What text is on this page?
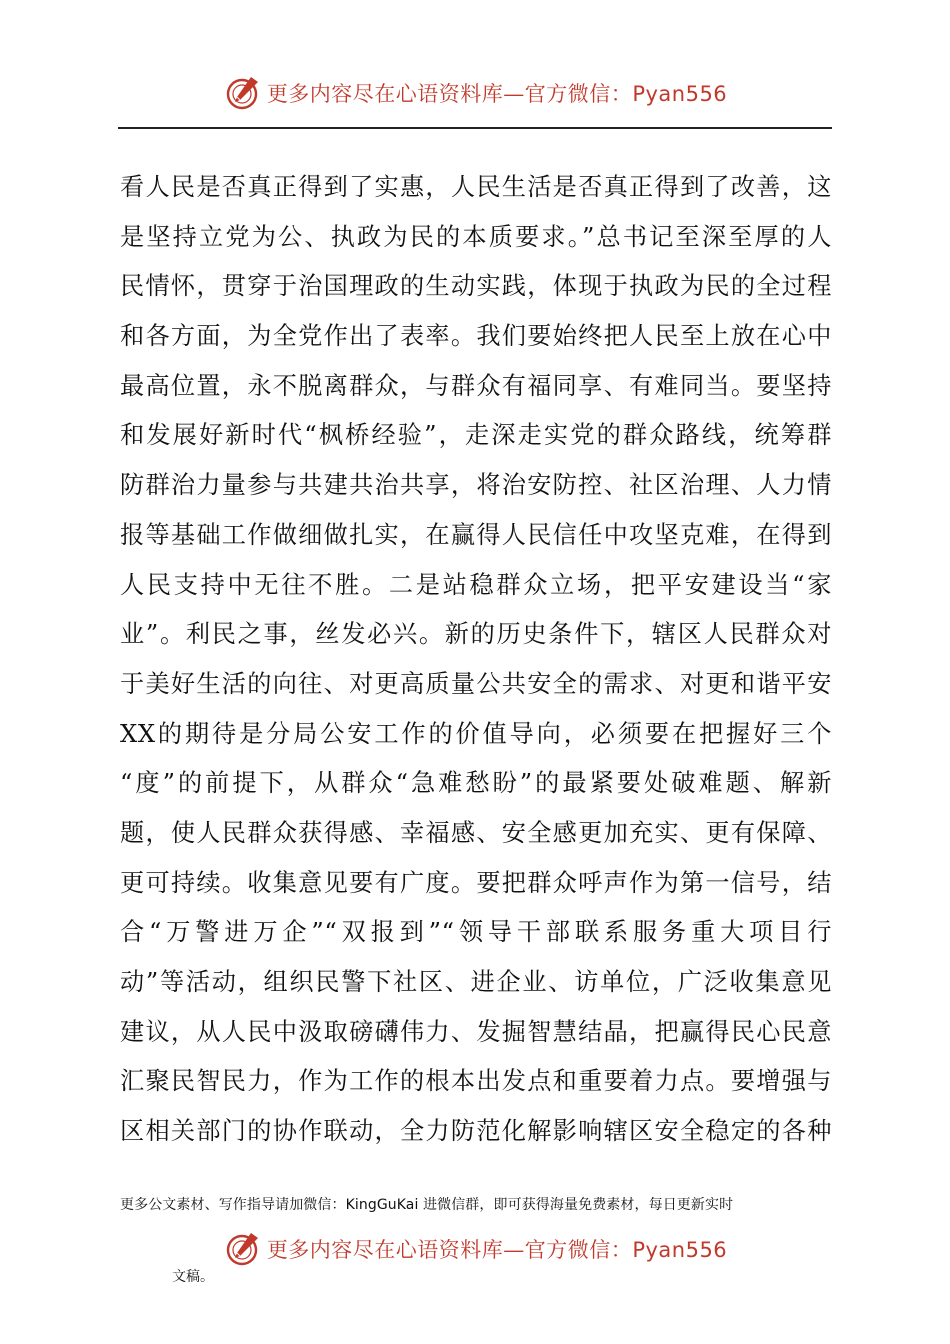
更多内容尽在心语资料库—官方微信：Pyan556
看人民是否真正得到了实惠，人民生活是否真正得到了改善，这
是坚持立党为公、执政为民的本质要求。”总书记至深至厚的人
民情怀，贯穿于治国理政的生动实践，体现于执政为民的全过程
和各方面，为全党作出了表率。我们要始终把人民至上放在心中
最高位置，永不脱离群众，与群众有福同享、有难同当。要坚持
和发展好新时代“枫桥经验”，走深走实党的群众路线，统筹群
防群治力量参与共建共治共享，将治安防控、社区治理、人力情
报等基础工作做细做扎实，在赢得人民信任中攻坚克难，在得到
人民支持中无往不胜。二是站稳群众立场，把平安建设当“家
业”。利民之事，丝发必兴。新的历史条件下，辖区人民群众对
于美好生活的向往、对更高质量公共安全的需求、对更和谐平安
XX的期待是分局公安工作的价值导向，必须要在把握好三个
“度”的前提下，从群众“急难愁盼”的最紧要处破难题、解新
题，使人民群众获得感、幸福感、安全感更加充实、更有保障、
更可持续。收集意见要有广度。要把群众呼声作为第一信号，结
合“万警进万企”“双报到”“领导干部联系服务重大项目行
动”等活动，组织民警下社区、进企业、访单位，广泛收集意见
建议，从人民中汲取磅礴伟力、发掘智慧结晶，把赢得民心民意
汇聚民智民力，作为工作的根本出发点和重要着力点。要增强与
区相关部门的协作联动，全力防范化解影响辖区安全稳定的各种
更多公文素材、写作指导请加微信：KingGuKai 进微信群，即可获得海量免费素材，每日更新实时
更多内容尽在心语资料库—官方微信：Pyan556
文稿。
